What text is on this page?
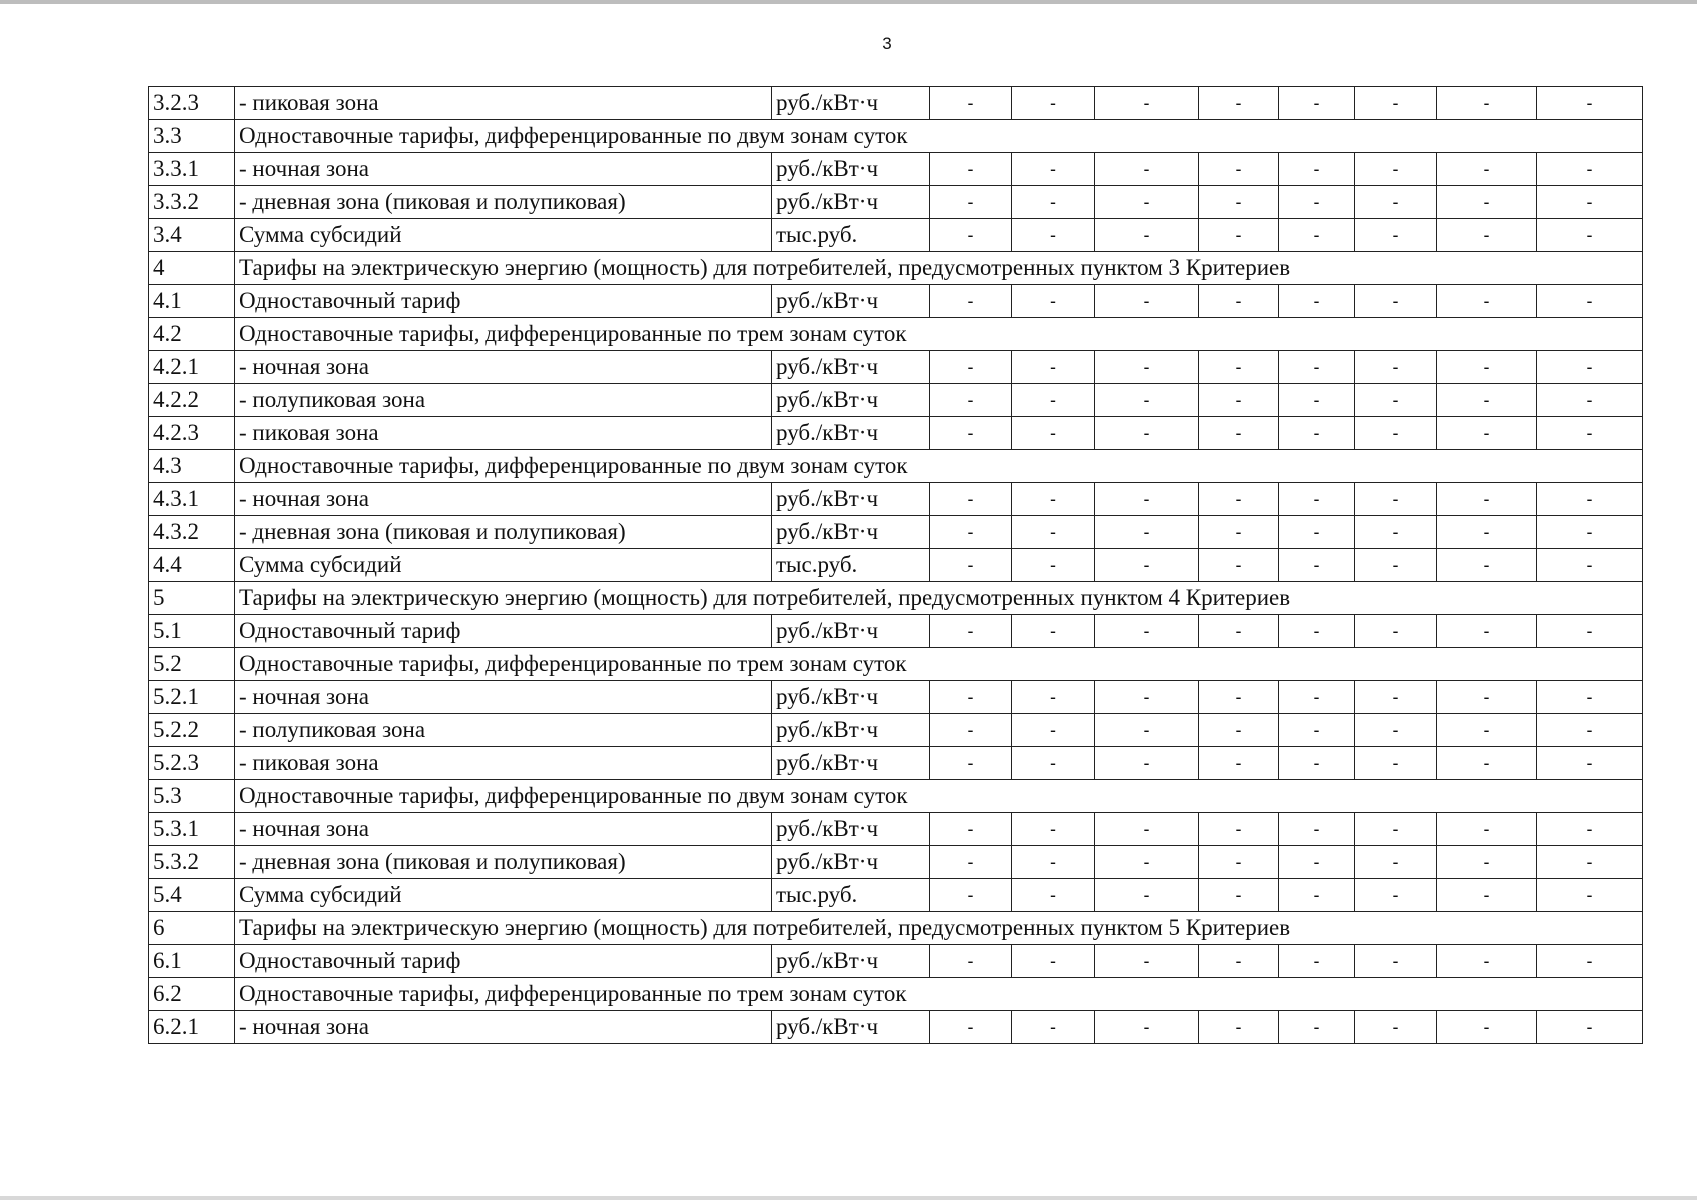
3
3.2.3	- пиковая зона	руб./кВт·ч	-	-	-	-	-	-	-	-
3.3	Одноставочные тарифы, дифференцированные по двум зонам суток									
3.3.1	- ночная зона	руб./кВт·ч	-	-	-	-	-	-	-	-
3.3.2	- дневная зона (пиковая и полупиковая)	руб./кВт·ч	-	-	-	-	-	-	-	-
3.4	Сумма субсидий	тыс.руб.	-	-	-	-	-	-	-	-
4	Тарифы на электрическую энергию (мощность) для потребителей, предусмотренных пунктом 3 Критериев									
4.1	Одноставочный тариф	руб./кВт·ч	-	-	-	-	-	-	-	-
4.2	Одноставочные тарифы, дифференцированные по трем зонам суток									
4.2.1	- ночная зона	руб./кВт·ч	-	-	-	-	-	-	-	-
4.2.2	- полупиковая зона	руб./кВт·ч	-	-	-	-	-	-	-	-
4.2.3	- пиковая зона	руб./кВт·ч	-	-	-	-	-	-	-	-
4.3	Одноставочные тарифы, дифференцированные по двум зонам суток									
4.3.1	- ночная зона	руб./кВт·ч	-	-	-	-	-	-	-	-
4.3.2	- дневная зона (пиковая и полупиковая)	руб./кВт·ч	-	-	-	-	-	-	-	-
4.4	Сумма субсидий	тыс.руб.	-	-	-	-	-	-	-	-
5	Тарифы на электрическую энергию (мощность) для потребителей, предусмотренных пунктом 4 Критериев									
5.1	Одноставочный тариф	руб./кВт·ч	-	-	-	-	-	-	-	-
5.2	Одноставочные тарифы, дифференцированные по трем зонам суток									
5.2.1	- ночная зона	руб./кВт·ч	-	-	-	-	-	-	-	-
5.2.2	- полупиковая зона	руб./кВт·ч	-	-	-	-	-	-	-	-
5.2.3	- пиковая зона	руб./кВт·ч	-	-	-	-	-	-	-	-
5.3	Одноставочные тарифы, дифференцированные по двум зонам суток									
5.3.1	- ночная зона	руб./кВт·ч	-	-	-	-	-	-	-	-
5.3.2	- дневная зона (пиковая и полупиковая)	руб./кВт·ч	-	-	-	-	-	-	-	-
5.4	Сумма субсидий	тыс.руб.	-	-	-	-	-	-	-	-
6	Тарифы на электрическую энергию (мощность) для потребителей, предусмотренных пунктом 5 Критериев									
6.1	Одноставочный тариф	руб./кВт·ч	-	-	-	-	-	-	-	-
6.2	Одноставочные тарифы, дифференцированные по трем зонам суток									
6.2.1	- ночная зона	руб./кВт·ч	-	-	-	-	-	-	-	-
